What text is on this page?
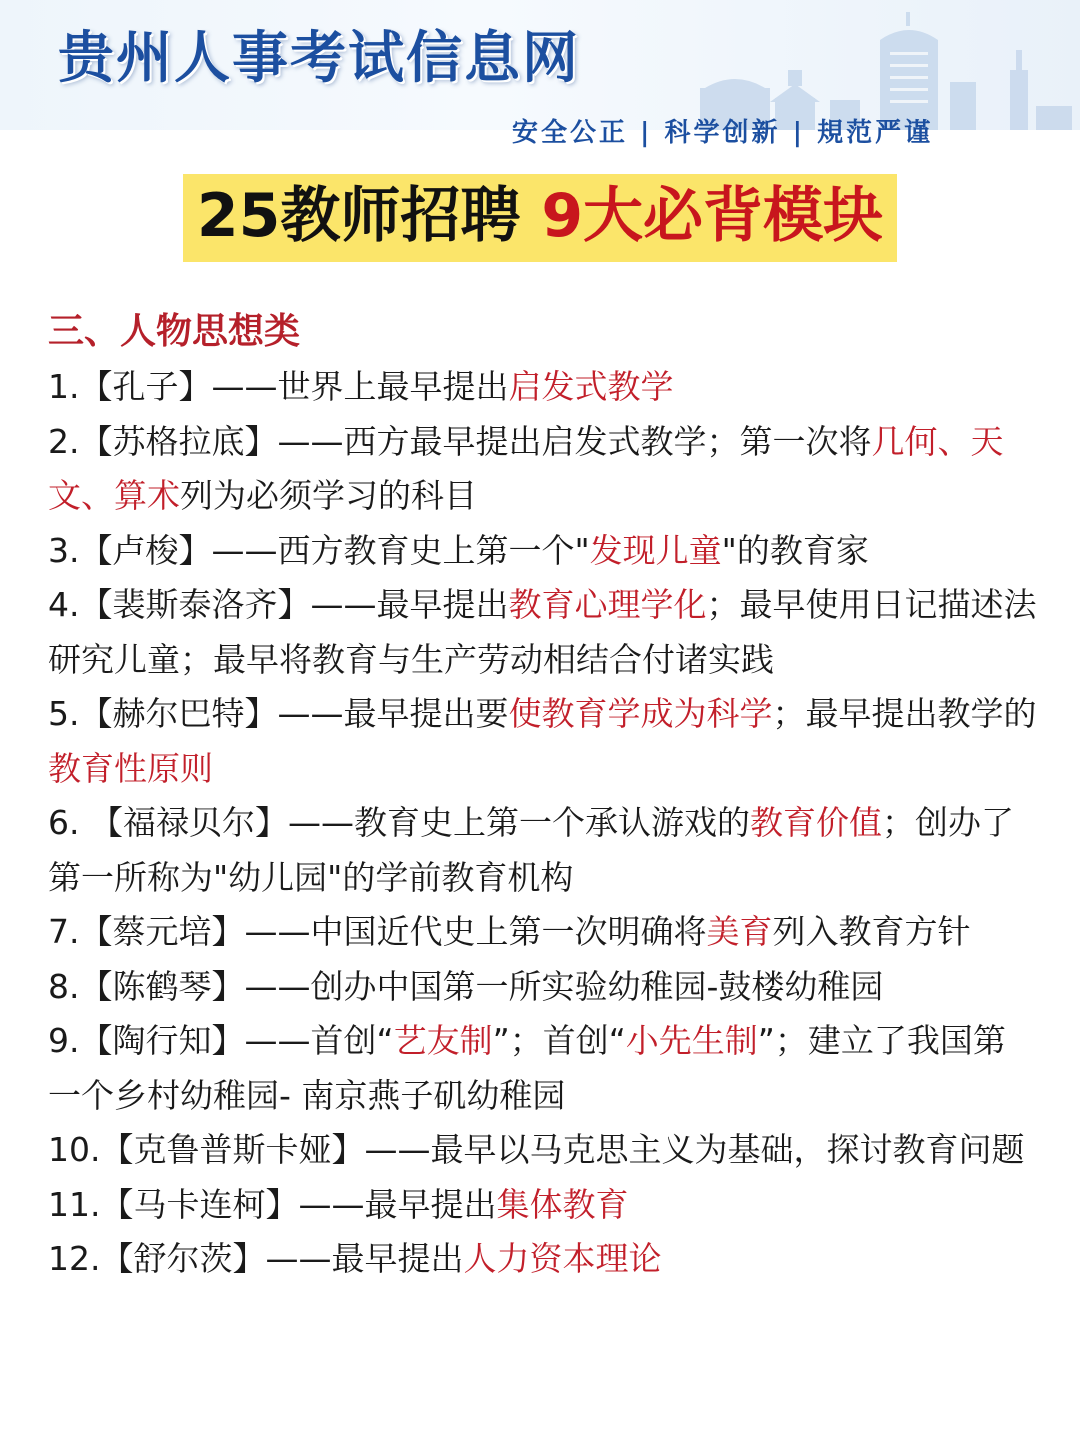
贵州人事考试信息网
安全公正 | 科学创新 | 規范严谨
25教师招聘 9大必背模块
三、人物思想类
1.【孔子】——世界上最早提出启发式教学
2.【苏格拉底】——西方最早提出启发式教学；第一次将几何、天文、算术列为必须学习的科目
3.【卢梭】——西方教育史上第一个"发现儿童"的教育家
4.【裴斯泰洛齐】——最早提出教育心理学化；最早使用日记描述法研究儿童；最早将教育与生产劳动相结合付诸实践
5.【赫尔巴特】——最早提出要使教育学成为科学；最早提出教学的教育性原则
6. 【福禄贝尔】——教育史上第一个承认游戏的教育价值；创办了第一所称为"幼儿园"的学前教育机构
7.【蔡元培】——中国近代史上第一次明确将美育列入教育方针
8.【陈鹤琴】——创办中国第一所实验幼稚园-鼓楼幼稚园
9.【陶行知】——首创“艺友制”；首创“小先生制”；建立了我国第一个乡村幼稚园- 南京燕子矶幼稚园
10.【克鲁普斯卡娅】——最早以马克思主义为基础，探讨教育问题
11.【马卡连柯】——最早提出集体教育
12.【舒尔茨】——最早提出人力资本理论
